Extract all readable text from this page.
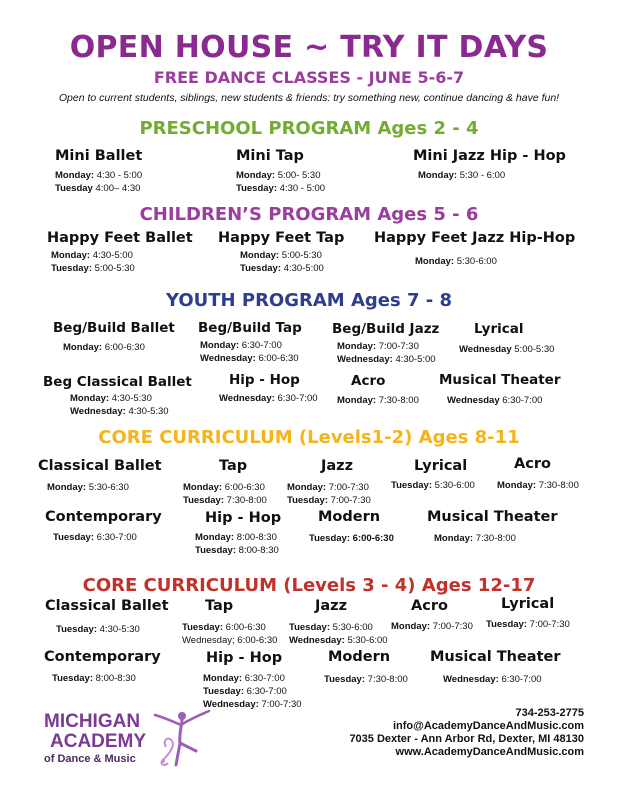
OPEN HOUSE ~ TRY IT DAYS
FREE DANCE CLASSES - JUNE 5-6-7
Open to current students, siblings, new students & friends: try something new, continue dancing & have fun!
PRESCHOOL PROGRAM Ages 2 - 4
Mini Ballet
Monday: 4:30 - 5:00
Tuesday 4:00– 4:30
Mini Tap
Monday: 5:00- 5:30
Tuesday: 4:30 - 5:00
Mini Jazz Hip - Hop
Monday: 5:30 - 6:00
CHILDREN’S PROGRAM Ages 5 - 6
Happy Feet Ballet
Monday: 4:30-5:00
Tuesday: 5:00-5:30
Happy Feet Tap
Monday: 5:00-5:30
Tuesday: 4:30-5:00
Happy Feet Jazz Hip-Hop
Monday: 5:30-6:00
YOUTH PROGRAM Ages 7 - 8
Beg/Build Ballet
Monday: 6:00-6:30
Beg/Build Tap
Monday: 6:30-7:00
Wednesday: 6:00-6:30
Beg/Build Jazz
Monday: 7:00-7:30
Wednesday: 4:30-5:00
Lyrical
Wednesday 5:00-5:30
Beg Classical Ballet
Monday: 4:30-5:30
Wednesday: 4:30-5:30
Hip - Hop
Wednesday: 6:30-7:00
Acro
Monday: 7:30-8:00
Musical Theater
Wednesday 6:30-7:00
CORE CURRICULUM (Levels1-2) Ages 8-11
Classical Ballet
Monday: 5:30-6:30
Tap
Monday: 6:00-6:30
Tuesday: 7:30-8:00
Jazz
Monday: 7:00-7:30
Tuesday: 7:00-7:30
Lyrical
Tuesday: 5:30-6:00
Acro
Monday: 7:30-8:00
Contemporary
Tuesday: 6:30-7:00
Hip - Hop
Monday: 8:00-8:30
Tuesday: 8:00-8:30
Modern
Tuesday: 6:00-6:30
Musical Theater
Monday: 7:30-8:00
CORE CURRICULUM (Levels 3 - 4) Ages 12-17
Classical Ballet
Tuesday: 4:30-5:30
Tap
Tuesday: 6:00-6:30
Wednesday; 6:00-6:30
Jazz
Tuesday: 5:30-6:00
Wednesday: 5:30-6:00
Acro
Monday: 7:00-7:30
Lyrical
Tuesday: 7:00-7:30
Contemporary
Tuesday: 8:00-8:30
Hip - Hop
Monday: 6:30-7:00
Tuesday: 6:30-7:00
Wednesday: 7:00-7:30
Modern
Tuesday: 7:30-8:00
Musical Theater
Wednesday: 6:30-7:00
MICHIGAN
ACADEMY
of Dance & Music
734-253-2775
info@AcademyDanceAndMusic.com
7035 Dexter - Ann Arbor Rd, Dexter, MI 48130
www.AcademyDanceAndMusic.com
